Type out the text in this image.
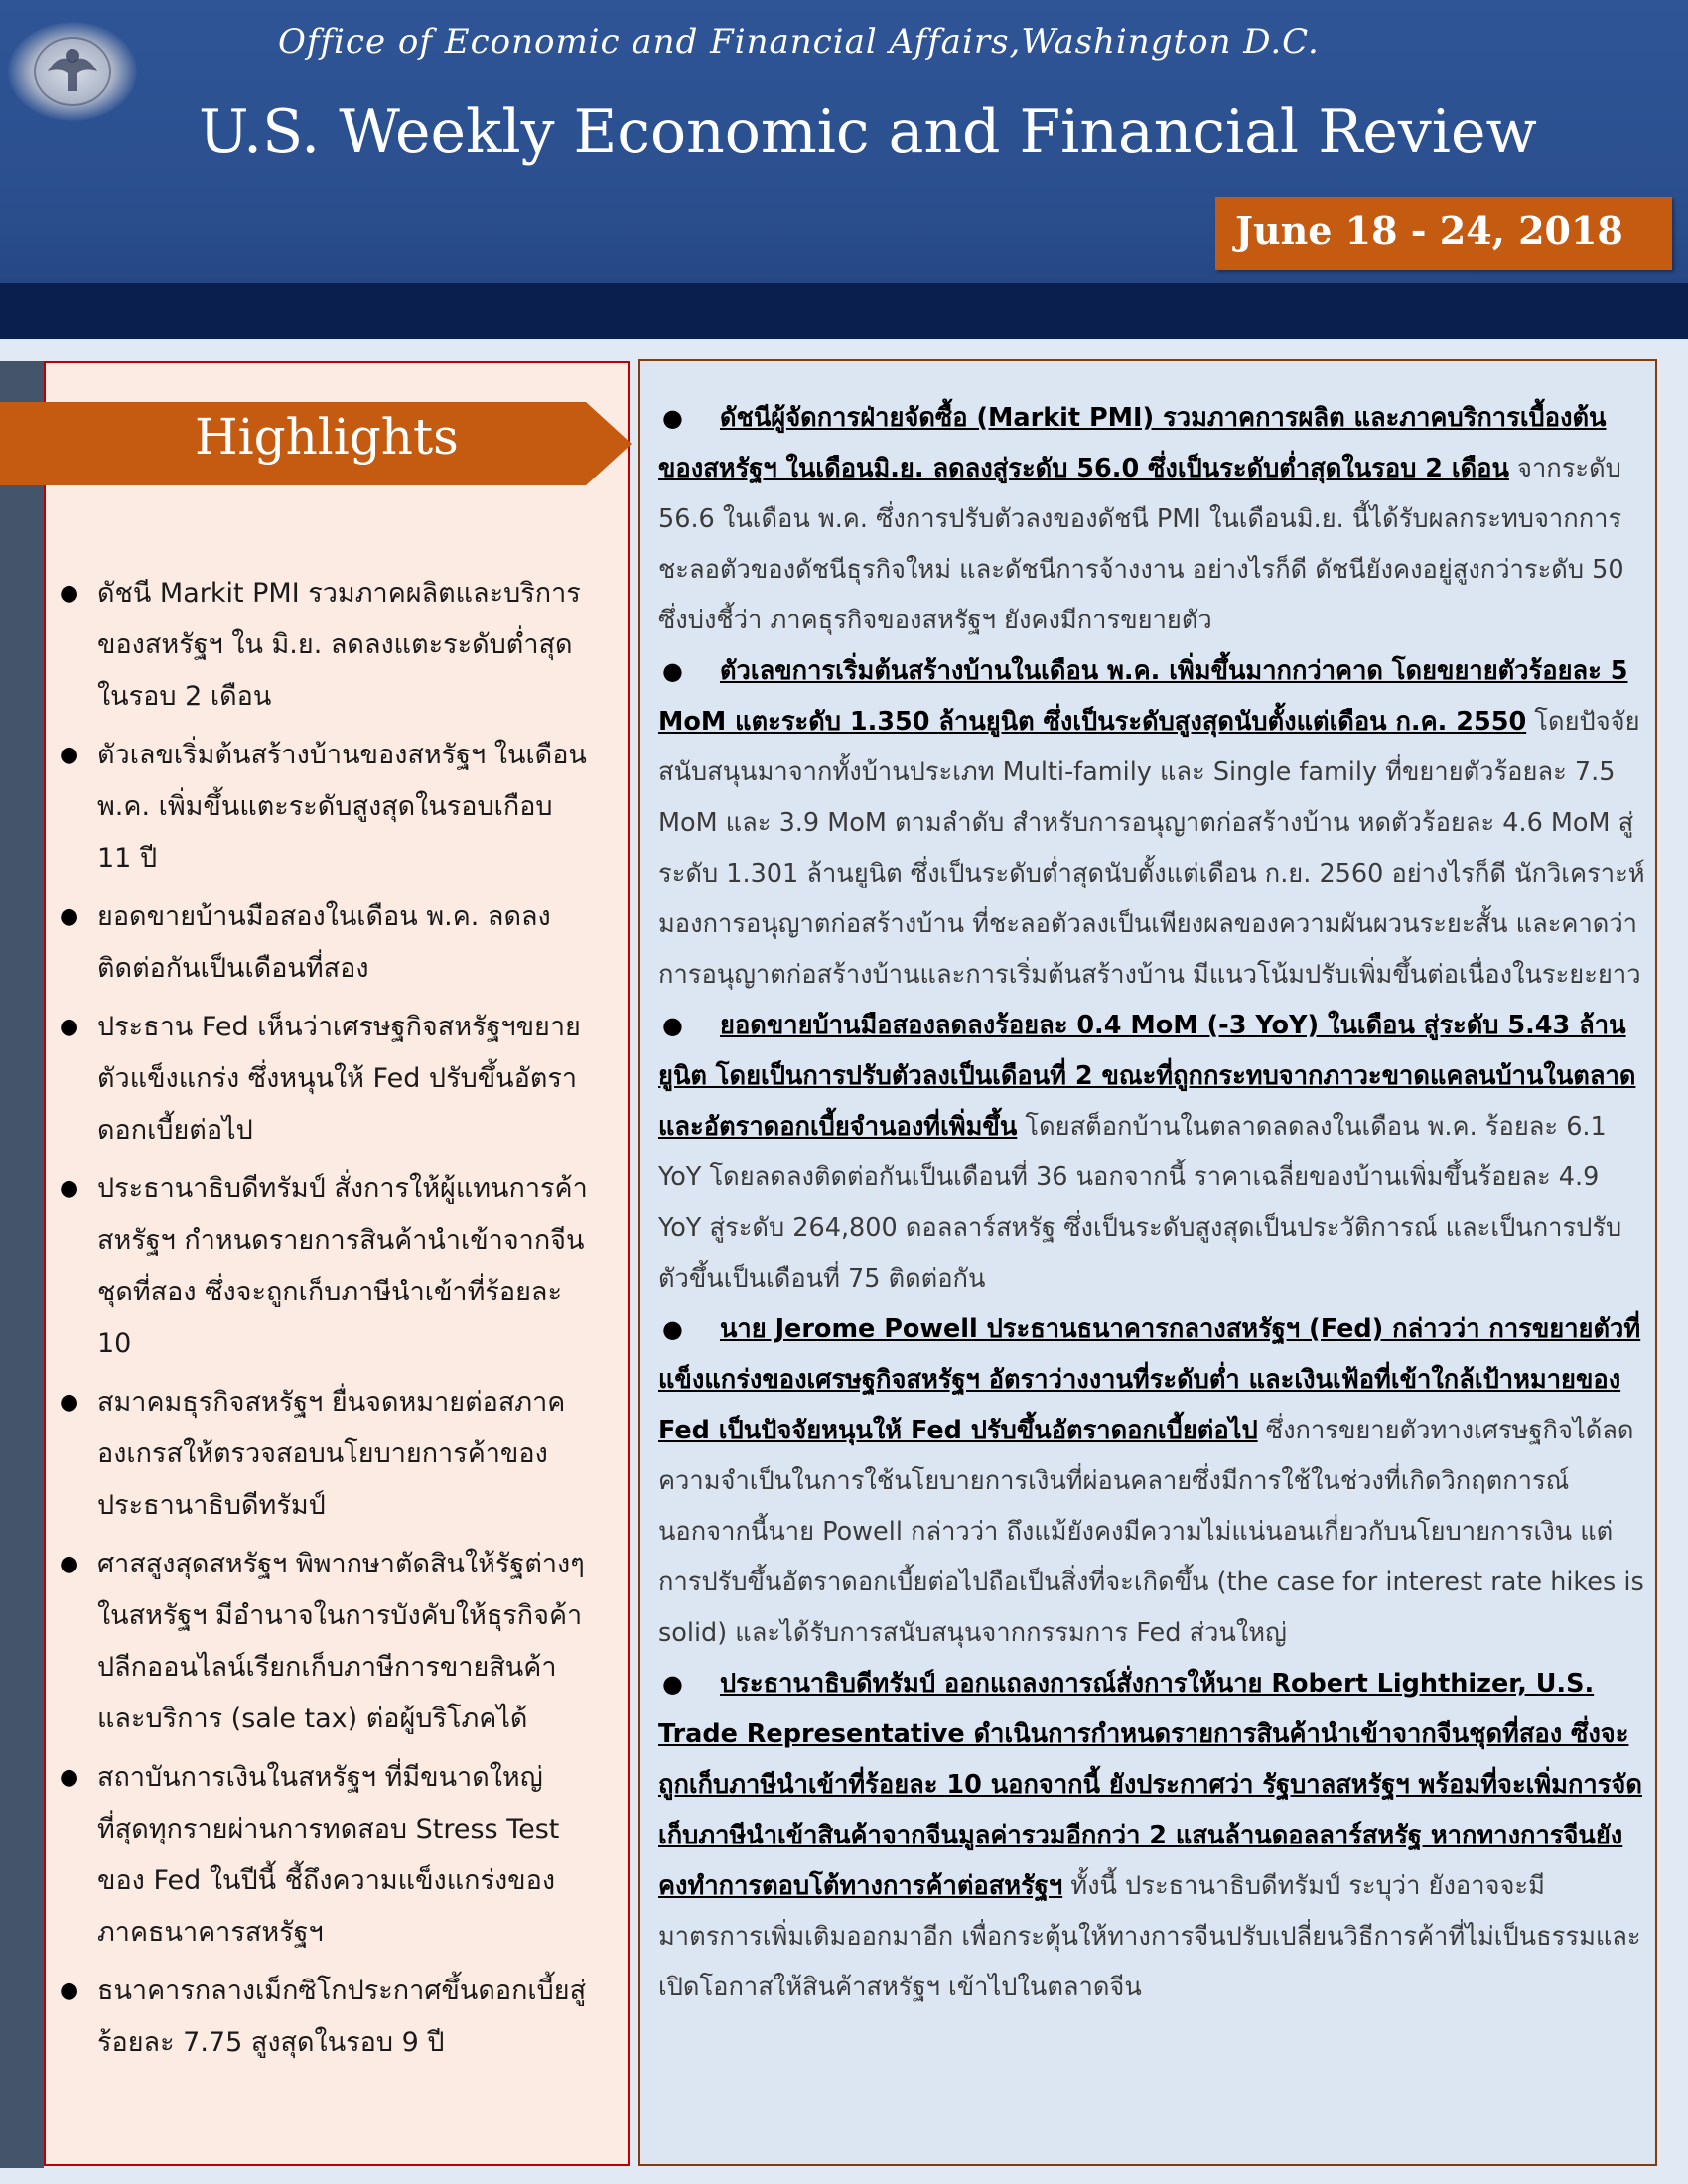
Office of Economic and Financial Affairs,Washington D.C.
U.S. Weekly Economic and Financial Review
June 18 - 24, 2018
Highlights
● ดัชนี Markit PMI รวมภาคผลิตและบริการของสหรัฐฯ ใน มิ.ย. ลดลงแตะระดับต่ำสุดในรอบ 2 เดือน
● ตัวเลขเริ่มต้นสร้างบ้านของสหรัฐฯ ในเดือน พ.ค. เพิ่มขึ้นแตะระดับสูงสุดในรอบเกือบ 11 ปี
● ยอดขายบ้านมือสองในเดือน พ.ค. ลดลงติดต่อกันเป็นเดือนที่สอง
● ประธาน Fed เห็นว่าเศรษฐกิจสหรัฐฯขยายตัวแข็งแกร่ง ซึ่งหนุนให้ Fed ปรับขึ้นอัตราดอกเบี้ยต่อไป
● ประธานาธิบดีทรัมป์ สั่งการให้ผู้แทนการค้าสหรัฐฯ กำหนดรายการสินค้านำเข้าจากจีนชุดที่สอง ซึ่งจะถูกเก็บภาษีนำเข้าที่ร้อยละ 10
● สมาคมธุรกิจสหรัฐฯ ยื่นจดหมายต่อสภาคองเกรสให้ตรวจสอบนโยบายการค้าของประธานาธิบดีทรัมป์
● ศาสสูงสุดสหรัฐฯ พิพากษาตัดสินให้รัฐต่างๆ ในสหรัฐฯ มีอำนาจในการบังคับให้ธุรกิจค้าปลีกออนไลน์เรียกเก็บภาษีการขายสินค้าและบริการ (sale tax) ต่อผู้บริโภคได้
● สถาบันการเงินในสหรัฐฯ ที่มีขนาดใหญ่ที่สุดทุกรายผ่านการทดสอบ Stress Test ของ Fed ในปีนี้ ชี้ถึงความแข็งแกร่งของภาคธนาคารสหรัฐฯ
● ธนาคารกลางเม็กซิโกประกาศขึ้นดอกเบี้ยสู่ร้อยละ 7.75 สูงสุดในรอบ 9 ปี

● ดัชนีผู้จัดการฝ่ายจัดซื้อ (Markit PMI) รวมภาคการผลิต และภาคบริการเบื้องต้นของสหรัฐฯ ในเดือนมิ.ย. ลดลงสู่ระดับ 56.0 ซึ่งเป็นระดับต่ำสุดในรอบ 2 เดือน จากระดับ 56.6 ในเดือน พ.ค. ซึ่งการปรับตัวลงของดัชนี PMI ในเดือนมิ.ย. นี้ได้รับผลกระทบจากการชะลอตัวของดัชนีธุรกิจใหม่ และดัชนีการจ้างงาน อย่างไรก็ดี ดัชนียังคงอยู่สูงกว่าระดับ 50 ซึ่งบ่งชี้ว่า ภาคธุรกิจของสหรัฐฯ ยังคงมีการขยายตัว

● ตัวเลขการเริ่มต้นสร้างบ้านในเดือน พ.ค. เพิ่มขึ้นมากกว่าคาด โดยขยายตัวร้อยละ 5 MoM แตะระดับ 1.350 ล้านยูนิต ซึ่งเป็นระดับสูงสุดนับตั้งแต่เดือน ก.ค. 2550 โดยปัจจัยสนับสนุนมาจากทั้งบ้านประเภท Multi-family และ Single family ที่ขยายตัวร้อยละ 7.5 MoM และ 3.9 MoM ตามลำดับ สำหรับการอนุญาตก่อสร้างบ้าน หดตัวร้อยละ 4.6 MoM สู่ระดับ 1.301 ล้านยูนิต ซึ่งเป็นระดับต่ำสุดนับตั้งแต่เดือน ก.ย. 2560 อย่างไรก็ดี นักวิเคราะห์มองการอนุญาตก่อสร้างบ้าน ที่ชะลอตัวลงเป็นเพียงผลของความผันผวนระยะสั้น และคาดว่า การอนุญาตก่อสร้างบ้านและการเริ่มต้นสร้างบ้าน มีแนวโน้มปรับเพิ่มขึ้นต่อเนื่องในระยะยาว

● ยอดขายบ้านมือสองลดลงร้อยละ 0.4 MoM (-3 YoY) ในเดือน สู่ระดับ 5.43 ล้านยูนิต โดยเป็นการปรับตัวลงเป็นเดือนที่ 2 ขณะที่ถูกกระทบจากภาวะขาดแคลนบ้านในตลาด และอัตราดอกเบี้ยจำนองที่เพิ่มขึ้น โดยสต็อกบ้านในตลาดลดลงในเดือน พ.ค. ร้อยละ 6.1 YoY โดยลดลงติดต่อกันเป็นเดือนที่ 36 นอกจากนี้ ราคาเฉลี่ยของบ้านเพิ่มขึ้นร้อยละ 4.9 YoY สู่ระดับ 264,800 ดอลลาร์สหรัฐ ซึ่งเป็นระดับสูงสุดเป็นประวัติการณ์ และเป็นการปรับตัวขึ้นเป็นเดือนที่ 75 ติดต่อกัน

● นาย Jerome Powell ประธานธนาคารกลางสหรัฐฯ (Fed) กล่าวว่า การขยายตัวที่แข็งแกร่งของเศรษฐกิจสหรัฐฯ อัตราว่างงานที่ระดับต่ำ และเงินเฟ้อที่เข้าใกล้เป้าหมายของ Fed เป็นปัจจัยหนุนให้ Fed ปรับขึ้นอัตราดอกเบี้ยต่อไป ซึ่งการขยายตัวทางเศรษฐกิจได้ลดความจำเป็นในการใช้นโยบายการเงินที่ผ่อนคลายซึ่งมีการใช้ในช่วงที่เกิดวิกฤตการณ์ นอกจากนี้นาย Powell กล่าวว่า ถึงแม้ยังคงมีความไม่แน่นอนเกี่ยวกับนโยบายการเงิน แต่การปรับขึ้นอัตราดอกเบี้ยต่อไปถือเป็นสิ่งที่จะเกิดขึ้น (the case for interest rate hikes is solid) และได้รับการสนับสนุนจากกรรมการ Fed ส่วนใหญ่

● ประธานาธิบดีทรัมป์ ออกแถลงการณ์สั่งการให้นาย Robert Lighthizer, U.S. Trade Representative ดำเนินการกำหนดรายการสินค้านำเข้าจากจีนชุดที่สอง ซึ่งจะถูกเก็บภาษีนำเข้าที่ร้อยละ 10 นอกจากนี้ ยังประกาศว่า รัฐบาลสหรัฐฯ พร้อมที่จะเพิ่มการจัดเก็บภาษีนำเข้าสินค้าจากจีนมูลค่ารวมอีกกว่า 2 แสนล้านดอลลาร์สหรัฐ หากทางการจีนยังคงทำการตอบโต้ทางการค้าต่อสหรัฐฯ ทั้งนี้ ประธานาธิบดีทรัมป์ ระบุว่า ยังอาจจะมีมาตรการเพิ่มเติมออกมาอีก เพื่อกระตุ้นให้ทางการจีนปรับเปลี่ยนวิธีการค้าที่ไม่เป็นธรรมและเปิดโอกาสให้สินค้าสหรัฐฯ เข้าไปในตลาดจีน
